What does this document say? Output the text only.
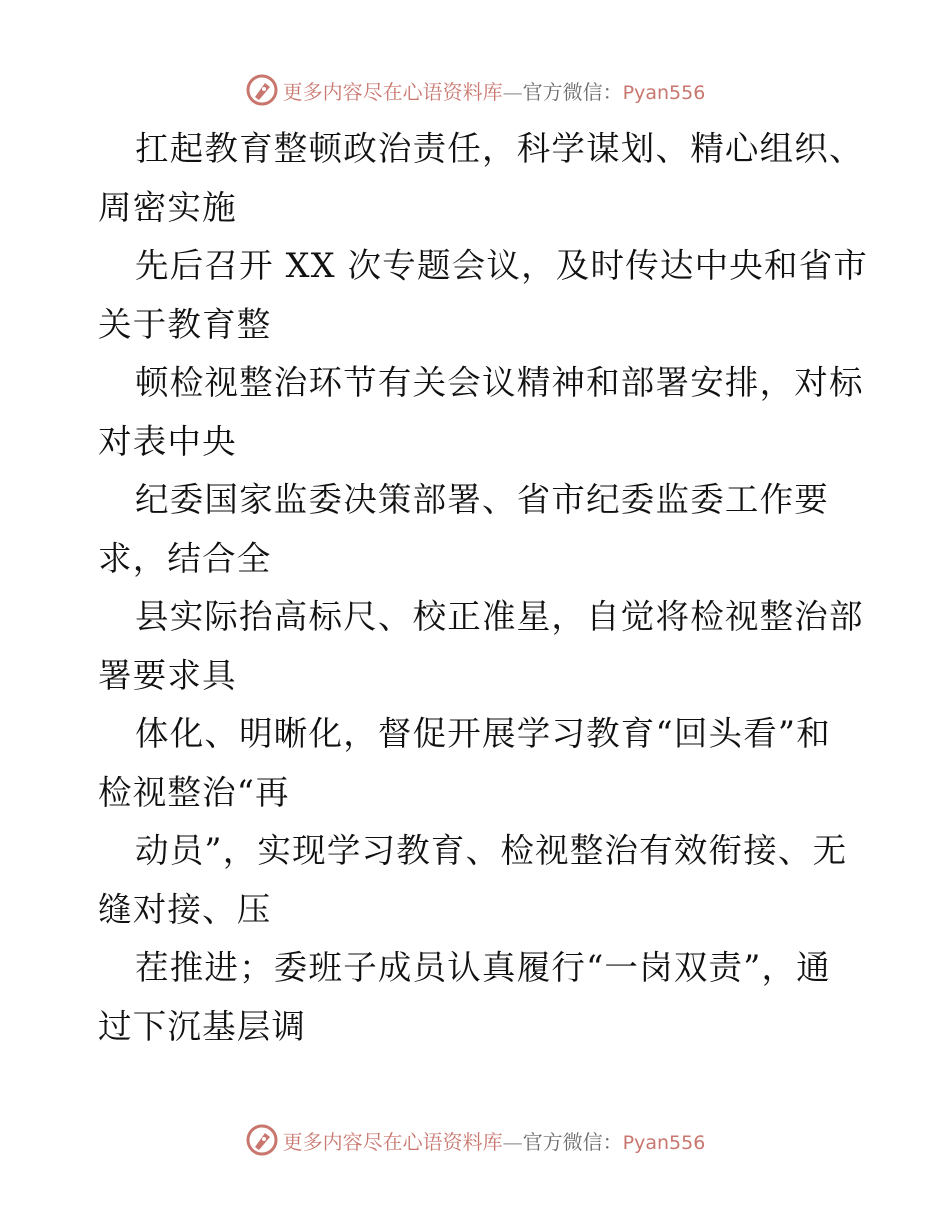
更多内容尽在心语资料库—官方微信：Pyan556
扛起教育整顿政治责任，科学谋划、精心组织、
周密实施
先后召开 XX 次专题会议，及时传达中央和省市
关于教育整
顿检视整治环节有关会议精神和部署安排，对标
对表中央
纪委国家监委决策部署、省市纪委监委工作要
求，结合全
县实际抬高标尺、校正准星，自觉将检视整治部
署要求具
体化、明晰化，督促开展学习教育“回头看”和
检视整治“再
动员”，实现学习教育、检视整治有效衔接、无
缝对接、压
茬推进；委班子成员认真履行“一岗双责”，通
过下沉基层调
更多内容尽在心语资料库—官方微信：Pyan556
